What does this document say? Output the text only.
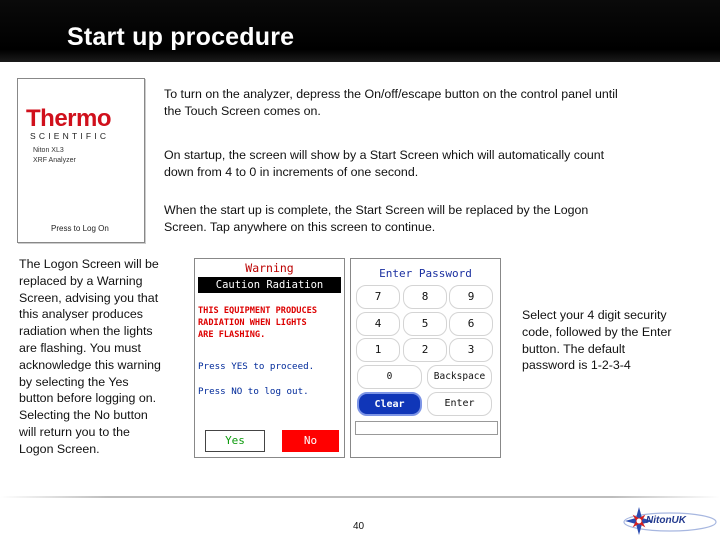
Start up procedure
Thermo
SCIENTIFIC
Niton XL3
XRF Analyzer
Press to Log On
To turn on the analyzer, depress the On/off/escape button on the control panel until
the Touch Screen comes on.
On startup, the screen will show by a Start Screen which will automatically count
down from 4 to 0 in increments of one second.
When the start up is complete, the Start Screen will be replaced by the Logon
Screen. Tap anywhere on this screen to continue.
The Logon Screen will be
replaced by a Warning
Screen, advising you that
this analyser produces
radiation when the lights
are flashing. You must
acknowledge this warning
by selecting the Yes
button before logging on.
Selecting the No button
will return you to the
Logon Screen.
Warning
Caution Radiation
THIS EQUIPMENT PRODUCES
RADIATION WHEN LIGHTS
ARE FLASHING.
Press YES to proceed.
Press NO to log out.
Yes	No
Enter Password
7	8	9
4	5	6
1	2	3
0	Backspace
Clear	Enter
Select your 4 digit security
code, followed by the Enter
button. The default
password is 1-2-3-4
40
NitonUK
